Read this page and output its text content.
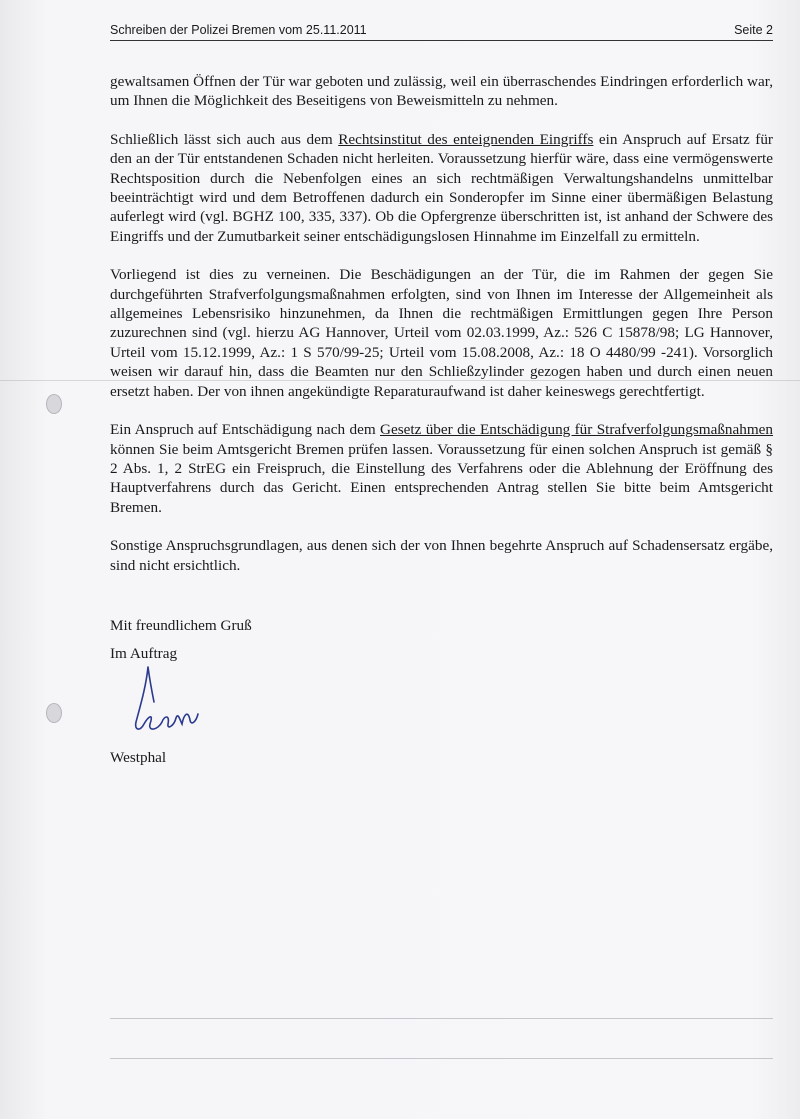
Schreiben der Polizei Bremen vom 25.11.2011	Seite 2

gewaltsamen Öffnen der Tür war geboten und zulässig, weil ein überraschendes Eindringen erforderlich war, um Ihnen die Möglichkeit des Beseitigens von Beweismitteln zu nehmen.

Schließlich lässt sich auch aus dem Rechtsinstitut des enteignenden Eingriffs ein Anspruch auf Ersatz für den an der Tür entstandenen Schaden nicht herleiten. Voraussetzung hierfür wäre, dass eine vermögenswerte Rechtsposition durch die Nebenfolgen eines an sich rechtmäßigen Verwaltungshandelns unmittelbar beeinträchtigt wird und dem Betroffenen dadurch ein Sonderopfer im Sinne einer übermäßigen Belastung auferlegt wird (vgl. BGHZ 100, 335, 337). Ob die Opfergrenze überschritten ist, ist anhand der Schwere des Eingriffs und der Zumutbarkeit seiner entschädigungslosen Hinnahme im Einzelfall zu ermitteln.

Vorliegend ist dies zu verneinen. Die Beschädigungen an der Tür, die im Rahmen der gegen Sie durchgeführten Strafverfolgungsmaßnahmen erfolgten, sind von Ihnen im Interesse der Allgemeinheit als allgemeines Lebensrisiko hinzunehmen, da Ihnen die rechtmäßigen Ermittlungen gegen Ihre Person zuzurechnen sind (vgl. hierzu AG Hannover, Urteil vom 02.03.1999, Az.: 526 C 15878/98; LG Hannover, Urteil vom 15.12.1999, Az.: 1 S 570/99-25; Urteil vom 15.08.2008, Az.: 18 O 4480/99 -241). Vorsorglich weisen wir darauf hin, dass die Beamten nur den Schließzylinder gezogen haben und durch einen neuen ersetzt haben. Der von ihnen angekündigte Reparaturaufwand ist daher keineswegs gerechtfertigt.

Ein Anspruch auf Entschädigung nach dem Gesetz über die Entschädigung für Strafverfolgungsmaßnahmen können Sie beim Amtsgericht Bremen prüfen lassen. Voraussetzung für einen solchen Anspruch ist gemäß § 2 Abs. 1, 2 StrEG ein Freispruch, die Einstellung des Verfahrens oder die Ablehnung der Eröffnung des Hauptverfahrens durch das Gericht. Einen entsprechenden Antrag stellen Sie bitte beim Amtsgericht Bremen.

Sonstige Anspruchsgrundlagen, aus denen sich der von Ihnen begehrte Anspruch auf Schadensersatz ergäbe, sind nicht ersichtlich.

Mit freundlichem Gruß
Im Auftrag
Westphal
